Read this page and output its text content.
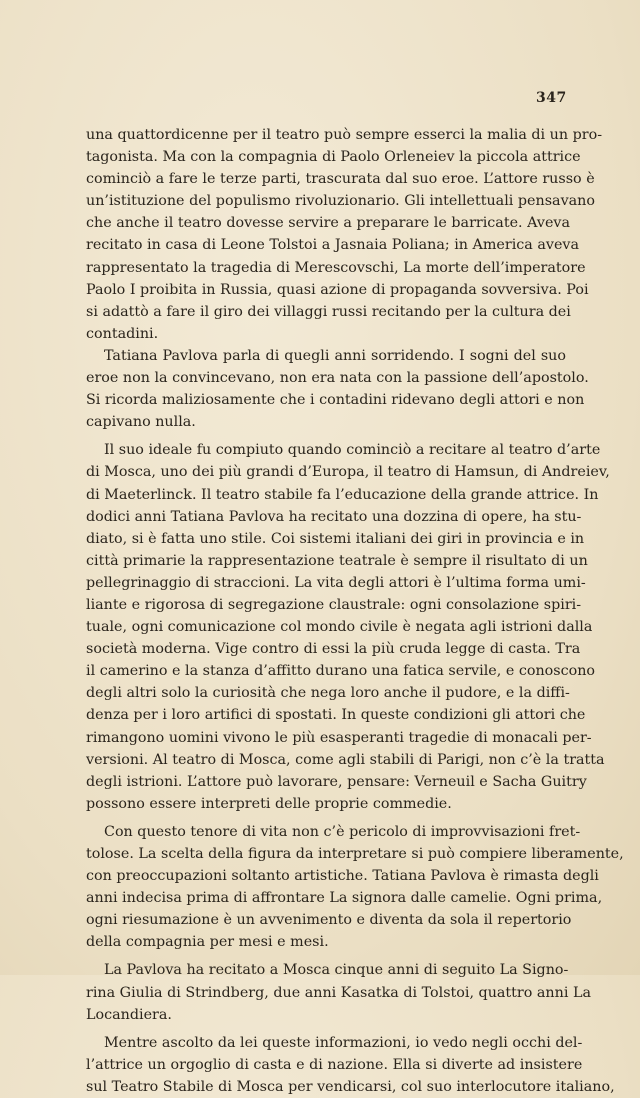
347
una quattordicenne per il teatro può sempre esserci la malia di un pro-
tagonista. Ma con la compagnia di Paolo Orleneiev la piccola attrice
cominciò a fare le terze parti, trascurata dal suo eroe. L’attore russo è
un’istituzione del populismo rivoluzionario. Gli intellettuali pensavano
che anche il teatro dovesse servire a preparare le barricate. Aveva
recitato in casa di Leone Tolstoi a Jasnaia Poliana; in America aveva
rappresentato la tragedia di Merescovschi, La morte dell’imperatore
Paolo I proibita in Russia, quasi azione di propaganda sovversiva. Poi
si adattò a fare il giro dei villaggi russi recitando per la cultura dei
contadini.
Tatiana Pavlova parla di quegli anni sorridendo. I sogni del suo
eroe non la convincevano, non era nata con la passione dell’apostolo.
Si ricorda maliziosamente che i contadini ridevano degli attori e non
capivano nulla.
Il suo ideale fu compiuto quando cominciò a recitare al teatro d’arte
di Mosca, uno dei più grandi d’Europa, il teatro di Hamsun, di Andreiev,
di Maeterlinck. Il teatro stabile fa l’educazione della grande attrice. In
dodici anni Tatiana Pavlova ha recitato una dozzina di opere, ha stu-
diato, si è fatta uno stile. Coi sistemi italiani dei giri in provincia e in
città primarie la rappresentazione teatrale è sempre il risultato di un
pellegrinaggio di straccioni. La vita degli attori è l’ultima forma umi-
liante e rigorosa di segregazione claustrale: ogni consolazione spiri-
tuale, ogni comunicazione col mondo civile è negata agli istrioni dalla
società moderna. Vige contro di essi la più cruda legge di casta. Tra
il camerino e la stanza d’affitto durano una fatica servile, e conoscono
degli altri solo la curiosità che nega loro anche il pudore, e la diffi-
denza per i loro artifici di spostati. In queste condizioni gli attori che
rimangono uomini vivono le più esasperanti tragedie di monacali per-
versioni. Al teatro di Mosca, come agli stabili di Parigi, non c’è la tratta
degli istrioni. L’attore può lavorare, pensare: Verneuil e Sacha Guitry
possono essere interpreti delle proprie commedie.
Con questo tenore di vita non c’è pericolo di improvvisazioni fret-
tolose. La scelta della figura da interpretare si può compiere liberamente,
con preoccupazioni soltanto artistiche. Tatiana Pavlova è rimasta degli
anni indecisa prima di affrontare La signora dalle camelie. Ogni prima,
ogni riesumazione è un avvenimento e diventa da sola il repertorio
della compagnia per mesi e mesi.
La Pavlova ha recitato a Mosca cinque anni di seguito La Signo-
rina Giulia di Strindberg, due anni Kasatka di Tolstoi, quattro anni La
Locandiera.
Mentre ascolto da lei queste informazioni, io vedo negli occhi del-
l’attrice un orgoglio di casta e di nazione. Ella si diverte ad insistere
sul Teatro Stabile di Mosca per vendicarsi, col suo interlocutore italiano,
